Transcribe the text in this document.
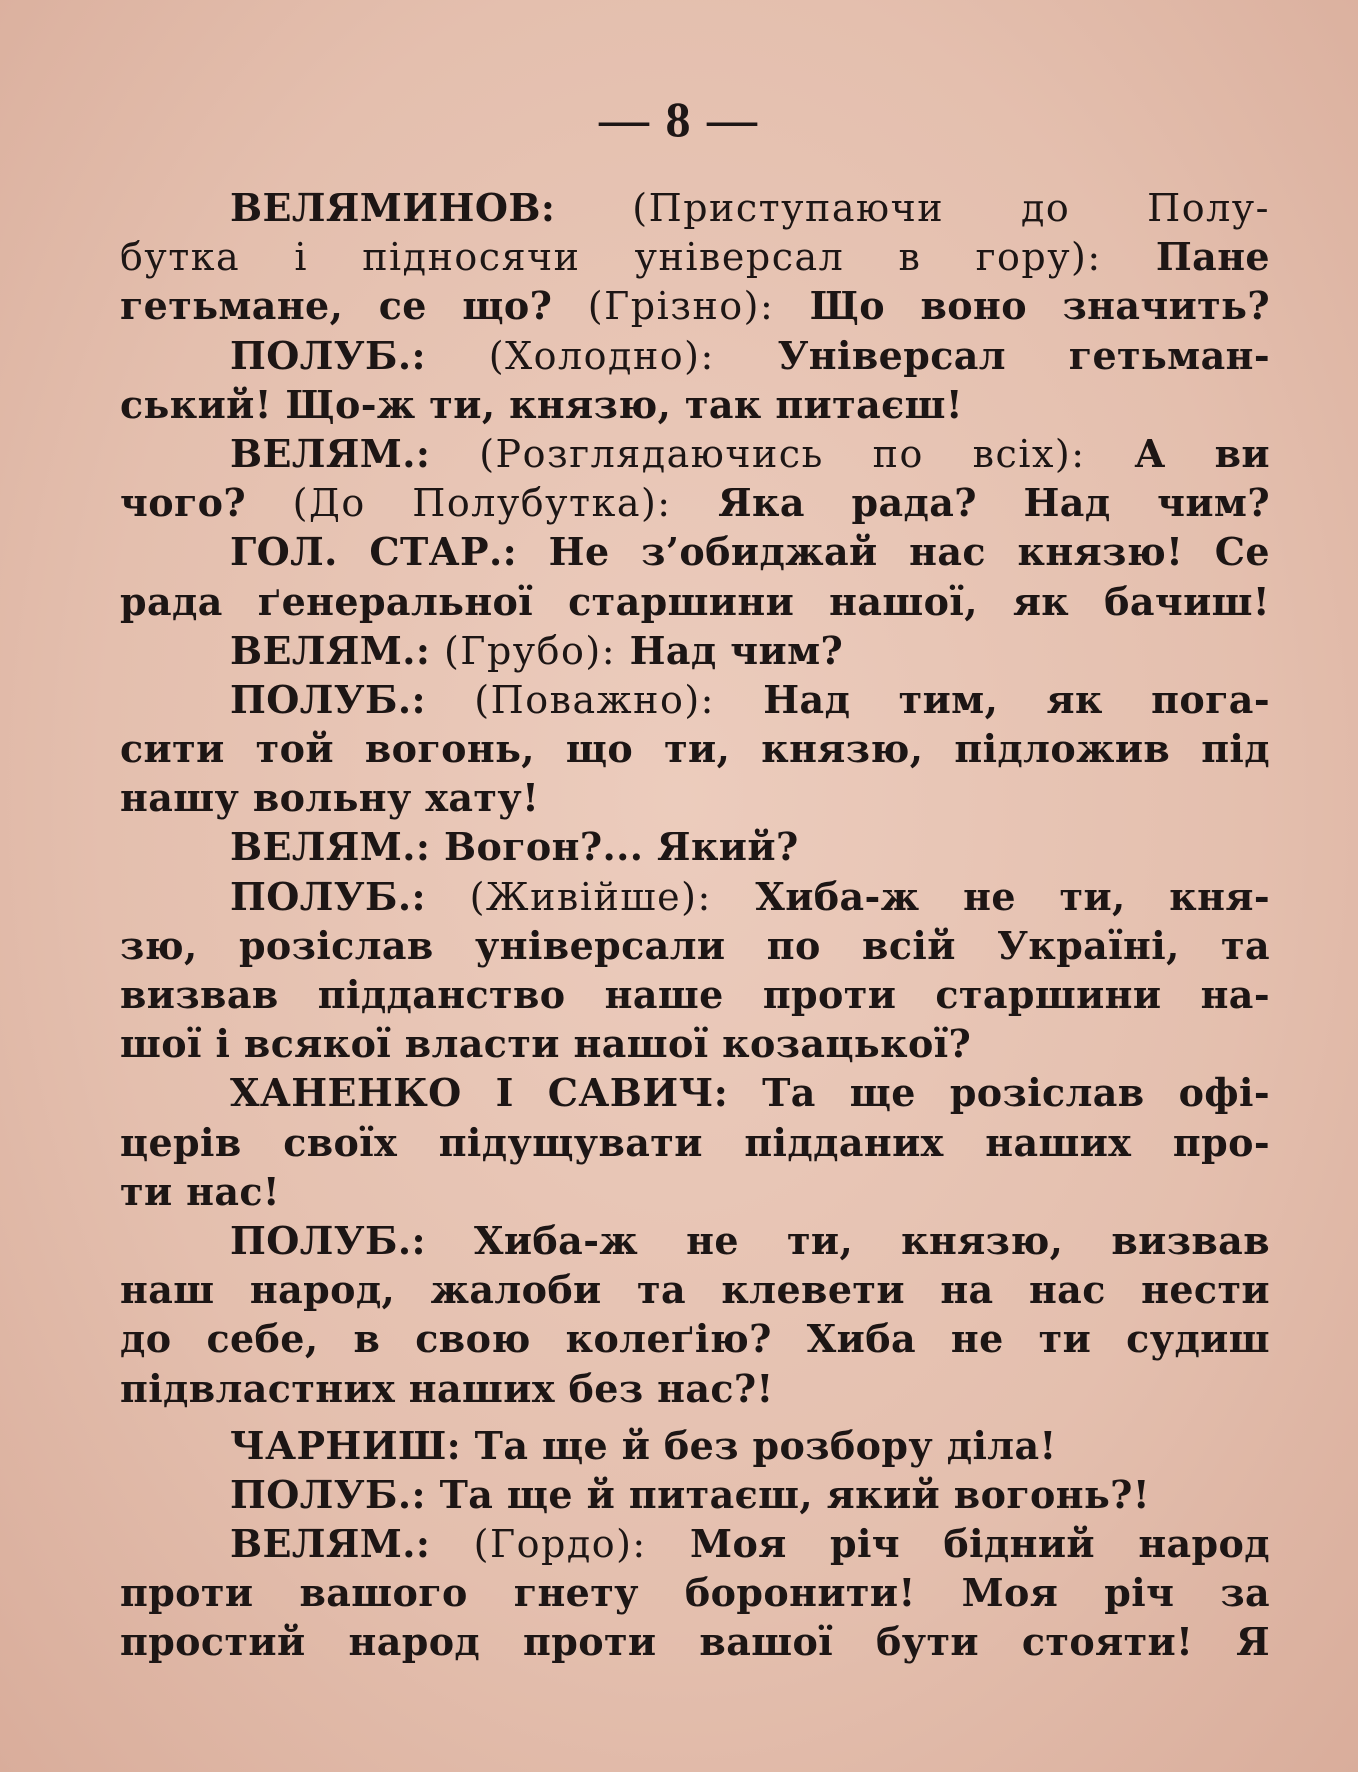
— 8 —
ВЕЛЯМИНОВ: (Приступаючи до Полу-
бутка і підносячи універсал в гору): Пане
гетьмане, се що? (Грізно): Що воно значить?
ПОЛУБ.: (Холодно): Універсал гетьман-
ський! Що-ж ти, князю, так питаєш!
ВЕЛЯМ.: (Розглядаючись по всіх): А ви
чого? (До Полубутка): Яка рада? Над чим?
ГОЛ. СТАР.: Не з’обиджай нас князю! Се
рада ґенеральної старшини нашої, як бачиш!
ВЕЛЯМ.: (Грубо): Над чим?
ПОЛУБ.: (Поважно): Над тим, як пога-
сити той вогонь, що ти, князю, підложив під
нашу вольну хату!
ВЕЛЯМ.: Вогон?... Який?
ПОЛУБ.: (Живійше): Хиба-ж не ти, кня-
зю, розіслав універсали по всій Україні, та
визвав підданство наше проти старшини на-
шої і всякої власти нашої козацької?
ХАНЕНКО І САВИЧ: Та ще розіслав офі-
церів своїх підущувати підданих наших про-
ти нас!
ПОЛУБ.: Хиба-ж не ти, князю, визвав
наш народ, жалоби та клевети на нас нести
до себе, в свою колеґію? Хиба не ти судиш
підвластних наших без нас?!
ЧАРНИШ: Та ще й без розбору діла!
ПОЛУБ.: Та ще й питаєш, який вогонь?!
ВЕЛЯМ.: (Гордо): Моя річ бідний народ
проти вашого гнету боронити! Моя річ за
простий народ проти вашої бути стояти! Я
